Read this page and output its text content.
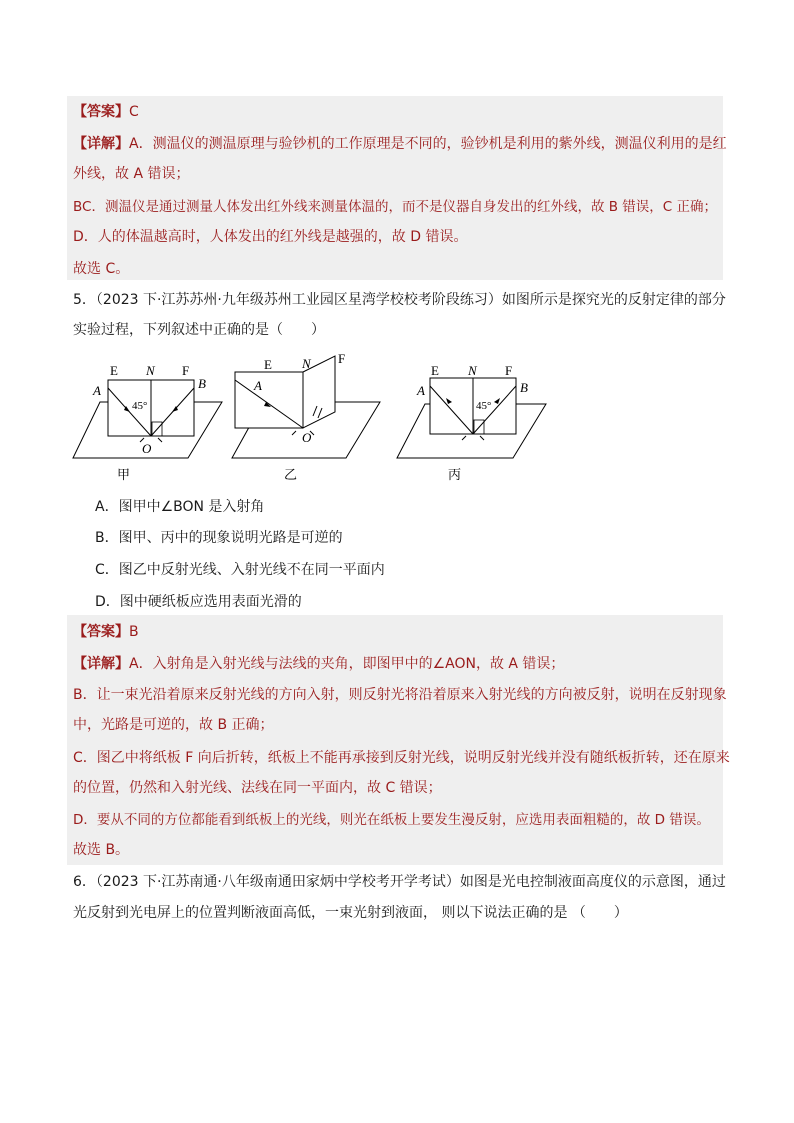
【答案】C
【详解】A．测温仪的测温原理与验钞机的工作原理是不同的，验钞机是利用的紫外线，测温仪利用的是红
外线，故 A 错误；
BC．测温仪是通过测量人体发出红外线来测量体温的，而不是仪器自身发出的红外线，故 B 错误，C 正确；
D．人的体温越高时，人体发出的红外线是越强的，故 D 错误。
故选 C。
5．（2023 下·江苏苏州·九年级苏州工业园区星湾学校校考阶段练习）如图所示是探究光的反射定律的部分
实验过程，下列叙述中正确的是（　　）
E N F
A	B
45°
O
甲
E N F
A
O
乙
E N F
A	B
45°
丙
A．图甲中∠BON 是入射角
B．图甲、丙中的现象说明光路是可逆的
C．图乙中反射光线、入射光线不在同一平面内
D．图中硬纸板应选用表面光滑的
【答案】B
【详解】A．入射角是入射光线与法线的夹角，即图甲中的∠AON，故 A 错误；
B．让一束光沿着原来反射光线的方向入射，则反射光将沿着原来入射光线的方向被反射，说明在反射现象
中，光路是可逆的，故 B 正确；
C．图乙中将纸板 F 向后折转，纸板上不能再承接到反射光线，说明反射光线并没有随纸板折转，还在原来
的位置，仍然和入射光线、法线在同一平面内，故 C 错误；
D．要从不同的方位都能看到纸板上的光线，则光在纸板上要发生漫反射，应选用表面粗糙的，故 D 错误。
故选 B。
6．（2023 下·江苏南通·八年级南通田家炳中学校考开学考试）如图是光电控制液面高度仪的示意图，通过
光反射到光电屏上的位置判断液面高低，一束光射到液面， 则以下说法正确的是 （　　）
